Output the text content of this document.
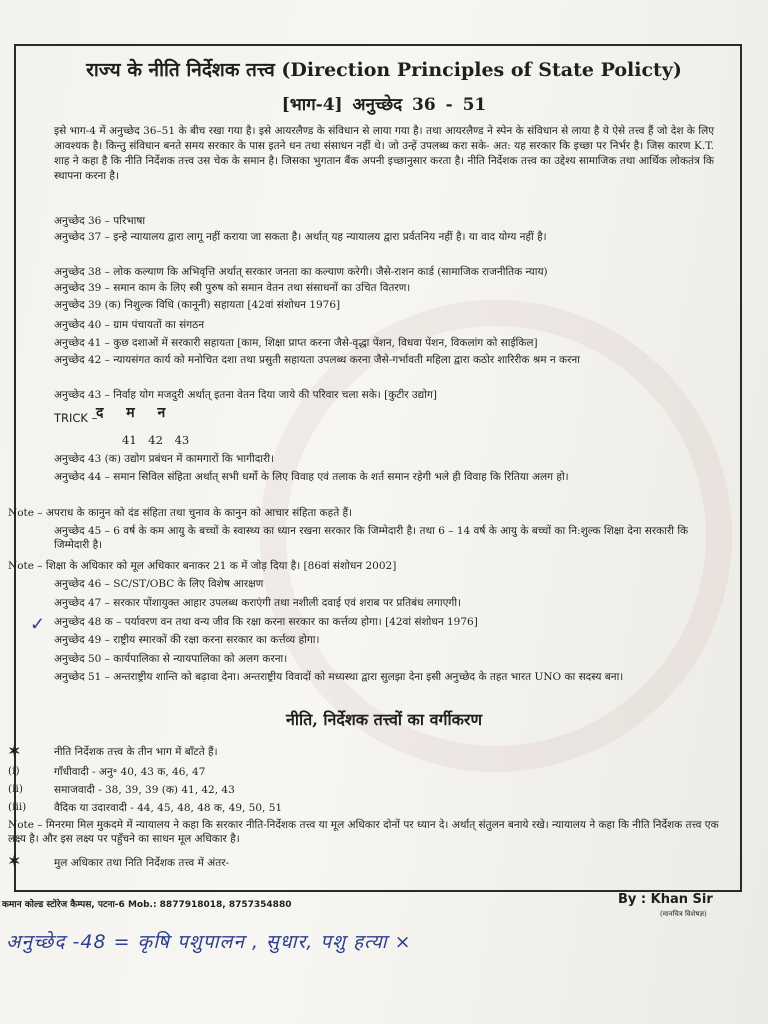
राज्य के नीति निर्देशक तत्त्व (Direction Principles of State Policty)
[भाग-4] अनुच्छेद 36 - 51
इसे भाग-4 में अनुच्छेद 36–51 के बीच रखा गया है। इसे आयरलैण्ड के संविधान से लाया गया है। तथा आयरलैण्ड ने स्पेन के संविधान से लाया है ये ऐसे तत्त्व हैं जो देश के लिए आवश्यक है। किन्तु संविधान बनते समय सरकार के पास इतने धन तथा संसाधन नहीं थे। जो उन्हें उपलब्ध करा सके- अत: यह सरकार कि इच्छा पर निर्भर है। जिस कारण K.T. शाह ने कहा है कि नीति निर्देशक तत्त्व उस चेक के समान है। जिसका भुगतान बैंक अपनी इच्छानुसार करता है। नीति निर्देशक तत्त्व का उद्देश्य सामाजिक तथा आर्थिक लोकतंत्र कि स्थापना करना है।
अनुच्छेद 36 – परिभाषा
अनुच्छेद 37 – इन्हे न्यायालय द्वारा लागू नहीं कराया जा सकता है। अर्थात् यह न्यायालय द्वारा प्रर्वतनिय नहीं है। या वाद योग्य नहीं है।
अनुच्छेद 38 – लोक कल्याण कि अभिवृत्ति अर्थात् सरकार जनता का कल्याण करेगी। जैसे-राशन कार्ड (सामाजिक राजनीतिक न्याय)
अनुच्छेद 39 – समान काम के लिए स्त्री पुरुष को समान वेतन तथा संसाधनों का उचित वितरण।
अनुच्छेद 39 (क) निशुल्क विधि (कानूनी) सहायता [42वां संशोधन 1976]
अनुच्छेद 40 – ग्राम पंचायतों का संगठन
अनुच्छेद 41 – कुछ दशाओं में सरकारी सहायता [काम, शिक्षा प्राप्त करना जैसे-वृद्धा पेंशन, विधवा पेंशन, विकलांग को साईकिल]
अनुच्छेद 42 – न्यायसंगत कार्य को मनोचित दशा तथा प्रसुती सहायता उपलब्ध करना जैसे-गर्भावती महिला द्वारा कठोर शारिरीक श्रम न करना
अनुच्छेद 43 – निर्वाह योग मजदुरी अर्थात् इतना वेतन दिया जाये की परिवार चला सके। [कुटीर उद्योग]
TRICK –
द म न
41 42 43
अनुच्छेद 43 (क) उद्योग प्रबंधन में कामगारों कि भागीदारी।
अनुच्छेद 44 – समान सिविल संहिता अर्थात् सभी धर्मो के लिए विवाह एवं तलाक के शर्त समान रहेगी भले ही विवाह कि रितिया अलग हो।
Note – अपराध के कानुन को दंड संहिता तथा चुनाव के कानुन को आचार संहिता कहते हैं।
अनुच्छेद 45 – 6 वर्ष के कम आयु के बच्चों के स्वास्थ्य का ध्यान रखना सरकार कि जिम्मेदारी है। तथा 6 – 14 वर्ष के आयु के बच्चों का नि:शुल्क शिक्षा देना सरकारी कि जिम्मेदारी है।
Note – शिक्षा के अधिकार को मूल अधिकार बनाकर 21 क में जोड़ दिया है। [86वां संशोधन 2002]
अनुच्छेद 46 – SC/ST/OBC के लिए विशेष आरक्षण
अनुच्छेद 47 – सरकार पोंशायुक्त आहार उपलब्ध कराएंगी तथा नशीली दवाई एवं शराब पर प्रतिबंध लगाएगी।
✓ अनुच्छेद 48 क – पर्यावरण वन तथा वन्य जीव कि रक्षा करना सरकार का कर्त्तव्य होगा। [42वां संशोधन 1976]
अनुच्छेद 49 – राष्ट्रीय स्मारकों की रक्षा करना सरकार का कर्त्तव्य होगा।
अनुच्छेद 50 – कार्यपालिका से न्यायपालिका को अलग करना।
अनुच्छेद 51 – अन्तराष्ट्रीय शान्ति को बढ़ावा देना। अन्तराष्ट्रीय विवादों को मध्यस्था द्वारा सुलझा देना इसी अनुच्छेद के तहत भारत UNO का सदस्य बना।
नीति, निर्देशक तत्त्वों का वर्गीकरण
✶	नीति निर्देशक तत्त्व के तीन भाग में बाँटते हैं।
(i)	गाँधीवादी - अनु॰ 40, 43 क, 46, 47
(ii)	समाजवादी - 38, 39, 39 (क) 41, 42, 43
(iii)	वैदिक या उदारवादी - 44, 45, 48, 48 क, 49, 50, 51
Note – मिनरमा मिल मुकदमे में न्यायालय ने कहा कि सरकार नीति-निर्देशक तत्त्व या मूल अधिकार दोनों पर ध्यान दे। अर्थात् संतुलन बनाये रखे। न्यायालय ने कहा कि नीति निर्देशक तत्त्व एक लक्ष्य है। और इस लक्ष्य पर पहुँचने का साधन मूल अधिकार है।
✶	मुल अधिकार तथा निति निर्देशक तत्त्व में अंतर-
कमान कोल्ड स्टोरेज कैम्पस, पटना-6 Mob.: 8877918018, 8757354880	By : Khan Sir
(मानचित्र विशेषज्ञ)
अनुच्छेद -48 = कृषि पशुपालन , सुधार, पशु हत्या ×
